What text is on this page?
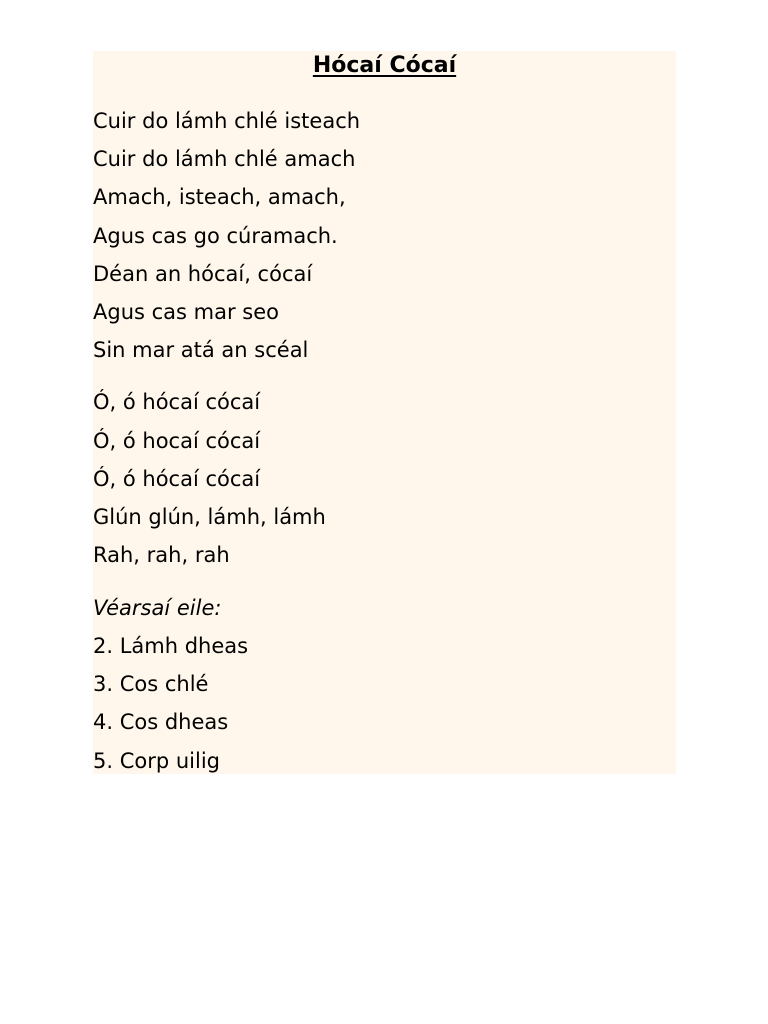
Hócaí Cócaí
Cuir do lámh chlé isteach
Cuir do lámh chlé amach
Amach, isteach, amach,
Agus cas go cúramach.
Déan an hócaí, cócaí
Agus cas mar seo
Sin mar atá an scéal
Ó, ó hócaí cócaí
Ó, ó hocaí cócaí
Ó, ó hócaí cócaí
Glún glún, lámh, lámh
Rah, rah, rah
Véarsaí eile:
2. Lámh dheas
3. Cos chlé
4. Cos dheas
5. Corp uilig
